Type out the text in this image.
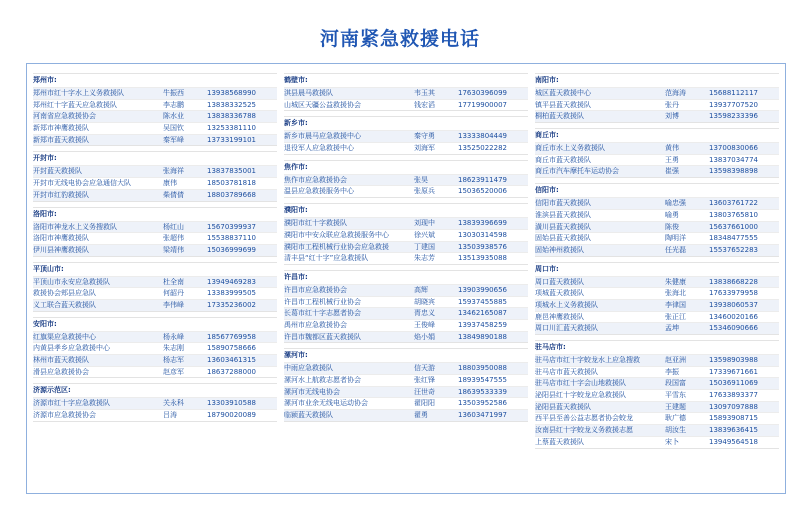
河南紧急救援电话
郑州市:
郑州市红十字水上义务救援队	牛振西	13938568990
郑州红十字蓝天应急救援队	李志鹏	13838332525
河南省应急救援协会	陈水业	13838336788
新郑市神鹰救援队	吴国钦	13253381110
新郑市蓝天救援队	秦军峰	13733199101
开封市:
开封蓝天救援队	张海祥	13837835001
开封市无线电协会应急通信大队	康伟	18503781818
开封市红豹救援队	柴倩倩	18803789668
洛阳市:
洛阳市神龙水上义务搜救队	杨红山	15670399937
洛阳市神鹰救援队	张超伟	15538837110
伊川县神鹰救援队	梁靖伟	15036999699
平顶山市:
平顶山市永安应急救援队	杜全南	13949469283
救援协会郏县应急队	何韶丹	13383999505
义工联合蓝天救援队	李伟峰	17335236002
安阳市:
红旗渠应急救援中心	杨永峰	18567769958
内黄县孝乡应急救援中心	朱志刚	15890758666
林州市蓝天救援队	杨志军	13603461315
滑县应急救援协会	赵彦军	18637288000
济源示范区:
济源市红十字应急救援队	关永科	13303910588
济源市应急救援协会	吕涛	18790020089
鹤壁市:
淇县晨马救援队	韦玉其	17630396099
山城区天疆公益救援协会	钱宏滔	17719900007
新乡市:
新乡市晨马应急救援中心	秦守勇	13333804449
退役军人应急救援中心	刘海军	13525022282
焦作市:
焦作市应急救援协会	张昊	18623911479
温县应急救援服务中心	张原兵	15036520006
濮阳市:
濮阳市红十字救援队	刘现中	13839396699
濮阳市中安众联应急救援服务中心	徐兴斌	13030314598
濮阳市工程机械行业协会应急救援	丁建国	13503938576
清丰县“红十字”应急救援队	朱志芳	13513935088
许昌市:
许昌市应急救援协会	高辉	13903990656
许昌市工程机械行业协会	胡晓宾	15937455885
长葛市红十字志愿者协会	胥忠义	13462165087
禹州市应急救援协会	王俊峰	13937458259
许昌市魏都区蓝天救援队	焰小娟	13849890188
漯河市:
中雨应急救援队	信天游	18803950088
漯河水上航救志愿者协会	张红锋	18939547555
漯河市无线电协会	汪世奇	18639533339
漯河市业余无线电运动协会	翟阳阳	13503952586
临颍蓝天救援队	翟勇	13603471997
南阳市:
城区蓝天救援中心	范海涛	15688112117
镇平县蓝天救援队	张丹	13937707520
桐柏蓝天救援队	刘博	13598233396
商丘市:
商丘市水上义务救援队	黄伟	13700830066
商丘市蓝天救援队	王勇	13837034774
商丘市汽车摩托车运动协会	崔强	13598398898
信阳市:
信阳市蓝天救援队	喻忠强	13603761722
淮滨县蓝天救援队	喻勇	13803765810
潢川县蓝天救援队	陈俊	15637661000
固始县蓝天救援队	陶明洋	18348477555
固始神州救援队	任光磊	15537652283
周口市:
周口蓝天救援队	朱健康	13838668228
项城蓝天救援队	张海北	17633979958
项城水上义务救援队	李律国	13938060537
鹿邑神鹰救援队	张正江	13460020166
周口川汇蓝天救援队	孟坤	15346090666
驻马店市:
驻马店市红十字蛟龙水上应急搜救	赵亚洲	13598903988
驻马店市蓝天救援队	李振	17339671661
驻马店市红十字会山地救援队	段国富	15036911069
泌阳县红十字蛟龙应急救援队	平雪东	17633893377
泌阳县蓝天救援队	王建题	13097097888
西平县至善公益志愿者协会蛟龙	耿广德	15893908715
汝南县红十字蛟龙义务救援志愿	胡汝生	13839636415
上蔡蓝天救援队	宋卜	13949564518
